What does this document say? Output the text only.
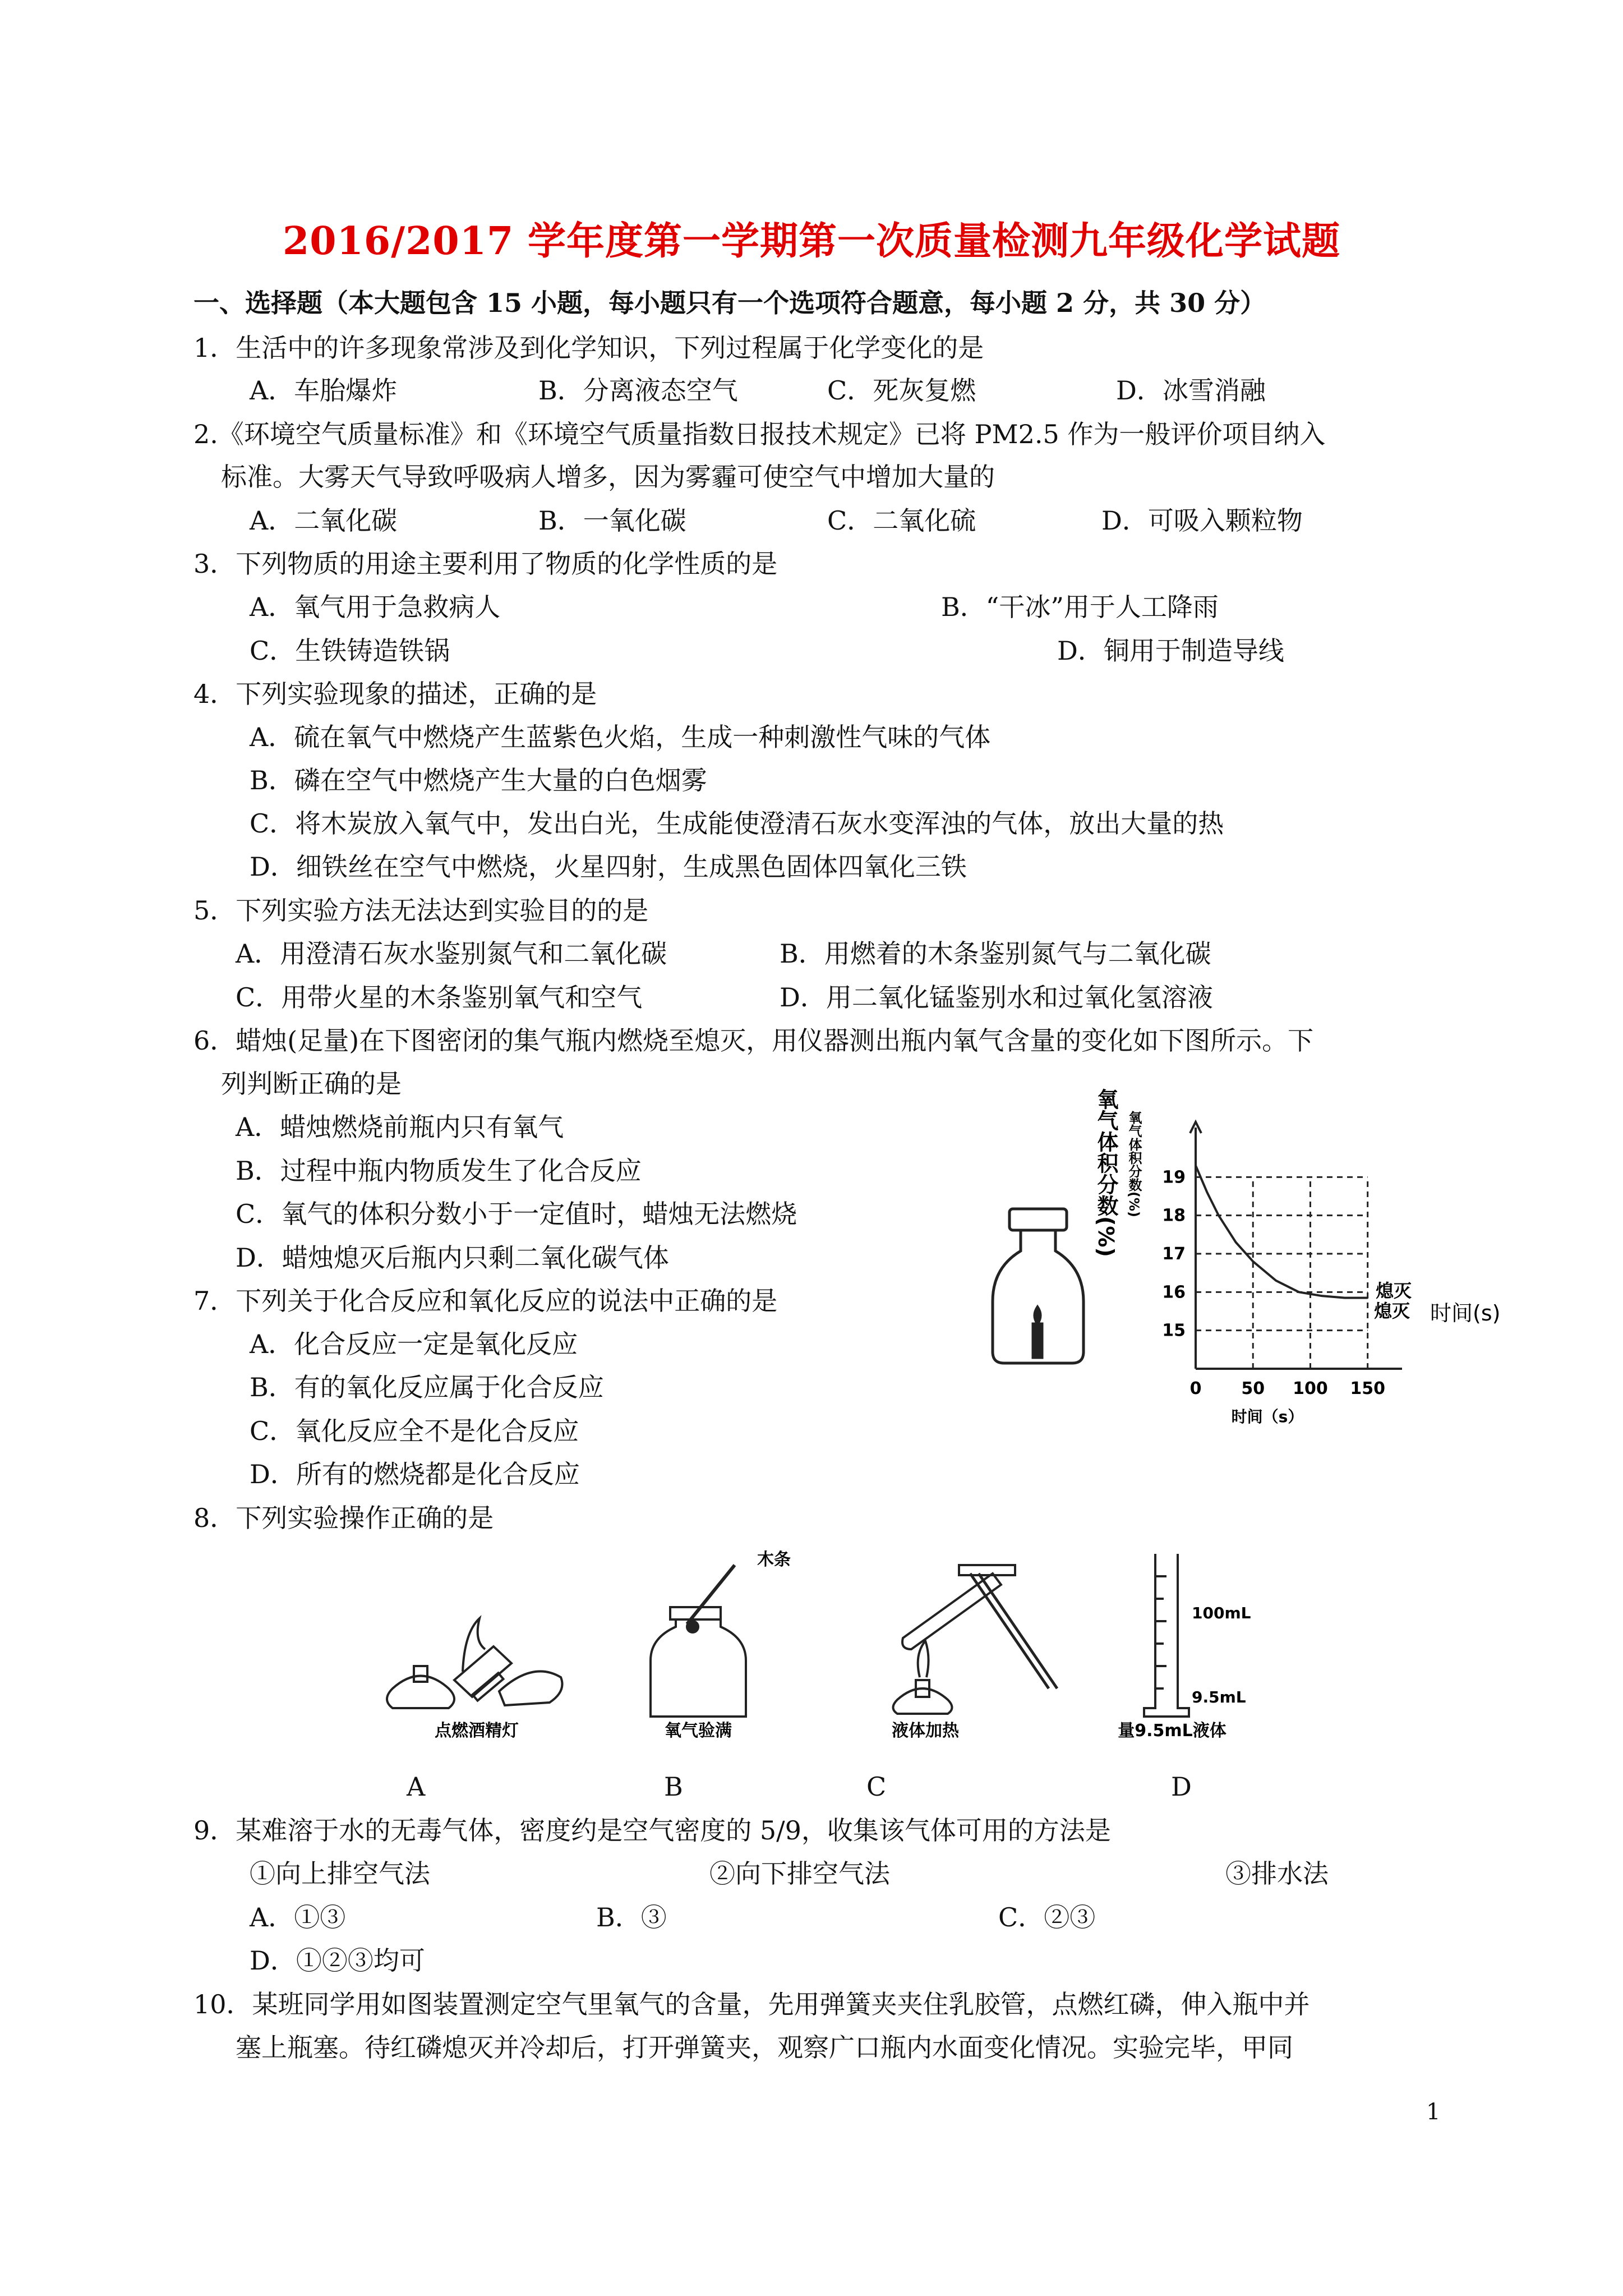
2016/2017 学年度第一学期第一次质量检测九年级化学试题
一、选择题（本大题包含 15 小题，每小题只有一个选项符合题意，每小题 2 分，共 30 分）
1．生活中的许多现象常涉及到化学知识，下列过程属于化学变化的是
A．车胎爆炸	B．分离液态空气	C．死灰复燃	D．冰雪消融
2.《环境空气质量标准》和《环境空气质量指数日报技术规定》已将 PM2.5 作为一般评价项目纳入
标准。大雾天气导致呼吸病人增多，因为雾霾可使空气中增加大量的
A．二氧化碳	B．一氧化碳	C．二氧化硫	D．可吸入颗粒物
3．下列物质的用途主要利用了物质的化学性质的是
A．氧气用于急救病人	B．“干冰”用于人工降雨
C．生铁铸造铁锅	D．铜用于制造导线
4．下列实验现象的描述，正确的是
A．硫在氧气中燃烧产生蓝紫色火焰，生成一种刺激性气味的气体
B．磷在空气中燃烧产生大量的白色烟雾
C．将木炭放入氧气中，发出白光，生成能使澄清石灰水变浑浊的气体，放出大量的热
D．细铁丝在空气中燃烧，火星四射，生成黑色固体四氧化三铁
5．下列实验方法无法达到实验目的的是
A．用澄清石灰水鉴别氮气和二氧化碳	B．用燃着的木条鉴别氮气与二氧化碳
C．用带火星的木条鉴别氧气和空气	D．用二氧化锰鉴别水和过氧化氢溶液
6．蜡烛(足量)在下图密闭的集气瓶内燃烧至熄灭，用仪器测出瓶内氧气含量的变化如下图所示。下
列判断正确的是
A．蜡烛燃烧前瓶内只有氧气
B．过程中瓶内物质发生了化合反应
C．氧气的体积分数小于一定值时，蜡烛无法燃烧
D．蜡烛熄灭后瓶内只剩二氧化碳气体
氧气体积分数(%) 氧气体积分数(%)
0 50 100 150
19
18
17
16
15
熄灭
熄灭 时间(s)
时间（s）
7．下列关于化合反应和氧化反应的说法中正确的是
A．化合反应一定是氧化反应
B．有的氧化反应属于化合反应
C．氧化反应全不是化合反应
D．所有的燃烧都是化合反应
8．下列实验操作正确的是
点燃酒精灯
木条
氧气验满	液体加热
100mL
9.5mL
量9.5mL液体
A	B	C	D
9．某难溶于水的无毒气体，密度约是空气密度的 5/9，收集该气体可用的方法是
①向上排空气法	②向下排空气法	③排水法
A．①③	B．③	C．②③
D．①②③均可
10．某班同学用如图装置测定空气里氧气的含量，先用弹簧夹夹住乳胶管，点燃红磷，伸入瓶中并
塞上瓶塞。待红磷熄灭并冷却后，打开弹簧夹，观察广口瓶内水面变化情况。实验完毕，甲同
1
